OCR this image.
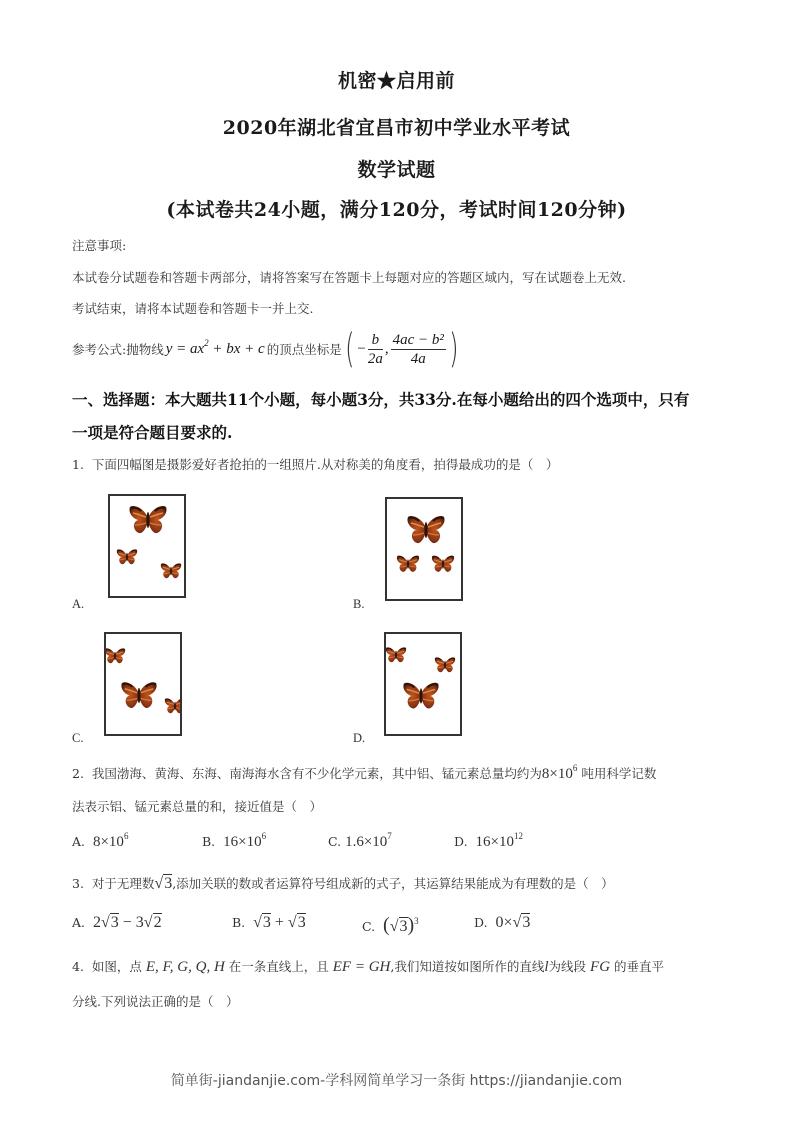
机密★启用前
2020年湖北省宜昌市初中学业水平考试
数学试题
(本试卷共24小题，满分120分，考试时间120分钟)
注意事项:
本试卷分试题卷和答题卡两部分，请将答案写在答题卡上每题对应的答题区域内，写在试题卷上无效.
考试结束，请将本试题卷和答题卡一并上交.
参考公式:抛物线 $y = ax^2$ + bx + c 的顶点坐标是 ( − $\frac{b}{2a}$ , $\frac{\text{4ac − b²}}{4a}$ )
一、选择题：本大题共11个小题，每小题3分，共33分.在每小题给出的四个选项中，只有
一项是符合题目要求的.
1. 下面四幅图是摄影爱好者抢拍的一组照片.从对称美的角度看，拍得最成功的是（　）
A.	B.
C.	D.
2. 我国渤海、黄海、东海、南海海水含有不少化学元素，其中铝、锰元素总量均约为$8\times 10^6$ 吨用科学记数
法表示铝、锰元素总量的和，接近值是（　）
A. $8\times 10^6$	B. $16\times 10^6$	C. $1.6\times 10^7$	D. $16\times 10^{12}$
3. 对于无理数√3,添加关联的数或者运算符号组成新的式子，其运算结果能成为有理数的是（　）
A. 2√3 − 3√2	B. √3 + √3	C. $(√3)^3$	D. 0×√3
4. 如图，点 E, F, G, Q, H 在一条直线上，且 EF = GH,我们知道按如图所作的直线l为线段 FG 的垂直平
分线.下列说法正确的是（　）
简单街-jiandanjie.com-学科网简单学习一条街 https://jiandanjie.com
